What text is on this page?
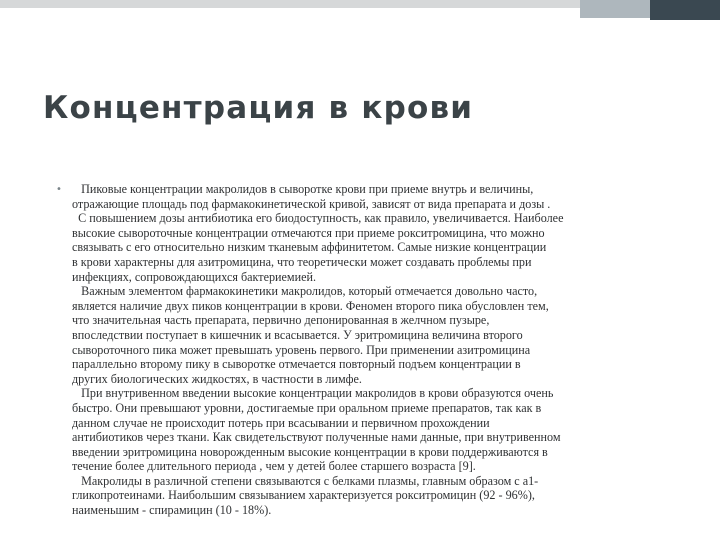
Концентрация в крови
• Пиковые концентрации макролидов в сыворотке крови при приеме внутрь и величины,
отражающие площадь под фармакокинетической кривой, зависят от вида препарата и дозы .
С повышением дозы антибиотика его биодоступность, как правило, увеличивается. Наиболее
высокие сывороточные концентрации отмечаются при приеме рокситромицина, что можно
связывать с его относительно низким тканевым аффинитетом. Самые низкие концентрации
в крови характерны для азитромицина, что теоретически может создавать проблемы при
инфекциях, сопровождающихся бактериемией.
Важным элементом фармакокинетики макролидов, который отмечается довольно часто,
является наличие двух пиков концентрации в крови. Феномен второго пика обусловлен тем,
что значительная часть препарата, первично депонированная в желчном пузыре,
впоследствии поступает в кишечник и всасывается. У эритромицина величина второго
сывороточного пика может превышать уровень первого. При применении азитромицина
параллельно второму пику в сыворотке отмечается повторный подъем концентрации в
других биологических жидкостях, в частности в лимфе.
При внутривенном введении высокие концентрации макролидов в крови образуются очень
быстро. Они превышают уровни, достигаемые при оральном приеме препаратов, так как в
данном случае не происходит потерь при всасывании и первичном прохождении
антибиотиков через ткани. Как свидетельствуют полученные нами данные, при внутривенном
введении эритромицина новорожденным высокие концентрации в крови поддерживаются в
течение более длительного периода , чем у детей более старшего возраста [9].
Макролиды в различной степени связываются с белками плазмы, главным образом с a1-
гликопротеинами. Наибольшим связыванием характеризуется рокситромицин (92 - 96%),
наименьшим - спирамицин (10 - 18%).
